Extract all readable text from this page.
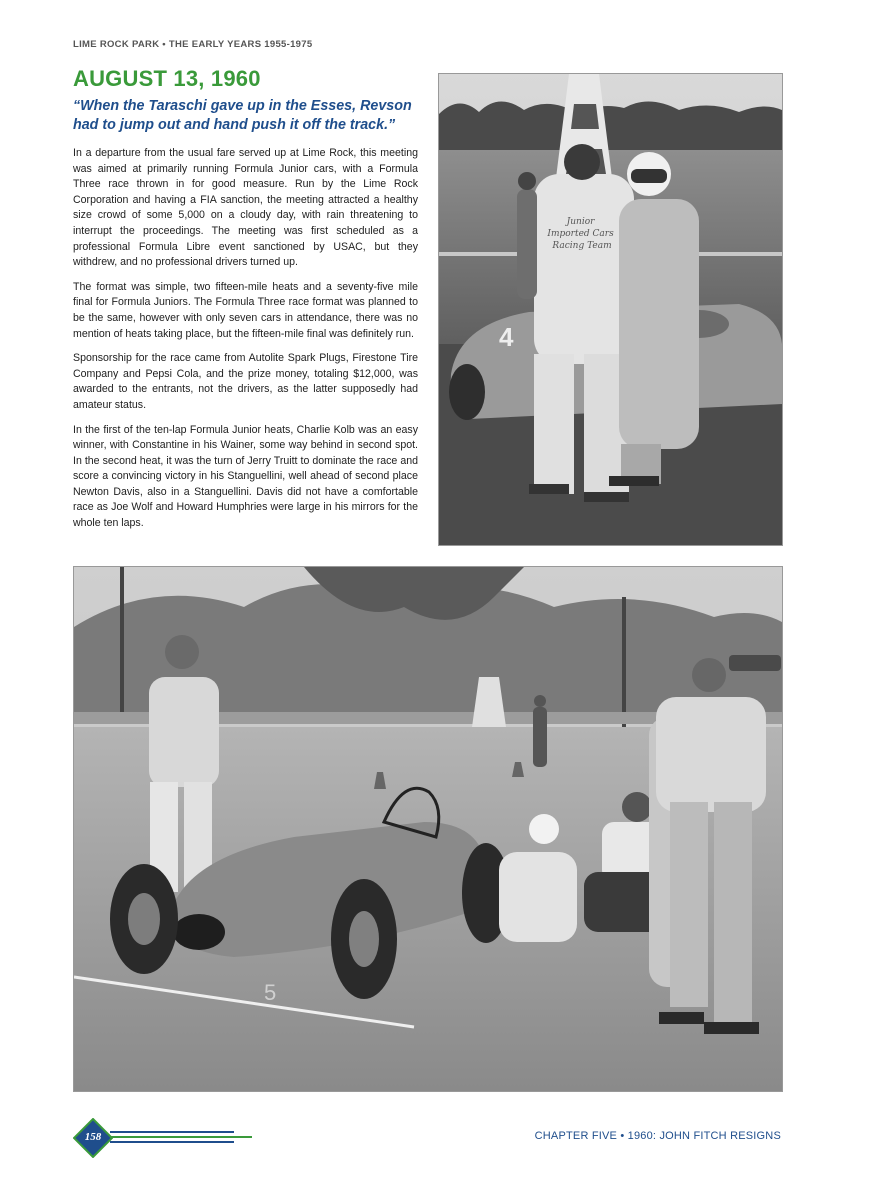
LIME ROCK PARK • THE EARLY YEARS 1955-1975
AUGUST 13, 1960
“When the Taraschi gave up in the Esses, Revson had to jump out and hand push it off the track.”

In a departure from the usual fare served up at Lime Rock, this meeting was aimed at primarily running Formula Junior cars, with a Formula Three race thrown in for good measure. Run by the Lime Rock Corporation and having a FIA sanction, the meeting attracted a healthy size crowd of some 5,000 on a cloudy day, with rain threatening to interrupt the proceedings. The meeting was first scheduled as a professional Formula Libre event sanctioned by USAC, but they withdrew, and no professional drivers turned up.

The format was simple, two fifteen-mile heats and a seventy-five mile final for Formula Juniors. The Formula Three race format was planned to be the same, however with only seven cars in attendance, there was no mention of heats taking place, but the fifteen-mile final was definitely run.

Sponsorship for the race came from Autolite Spark Plugs, Firestone Tire Company and Pepsi Cola, and the prize money, totaling $12,000, was awarded to the entrants, not the drivers, as the latter supposedly had amateur status.

In the first of the ten-lap Formula Junior heats, Charlie Kolb was an easy winner, with Constantine in his Wainer, some way behind in second spot. In the second heat, it was the turn of Jerry Truitt to dominate the race and score a convincing victory in his Stanguellini, well ahead of second place Newton Davis, also in a Stanguellini. Davis did not have a comfortable race as Joe Wolf and Howard Humphries were large in his mirrors for the whole ten laps.

Junior Imported Cars Racing Team
4
5
158	CHAPTER FIVE • 1960: JOHN FITCH RESIGNS
